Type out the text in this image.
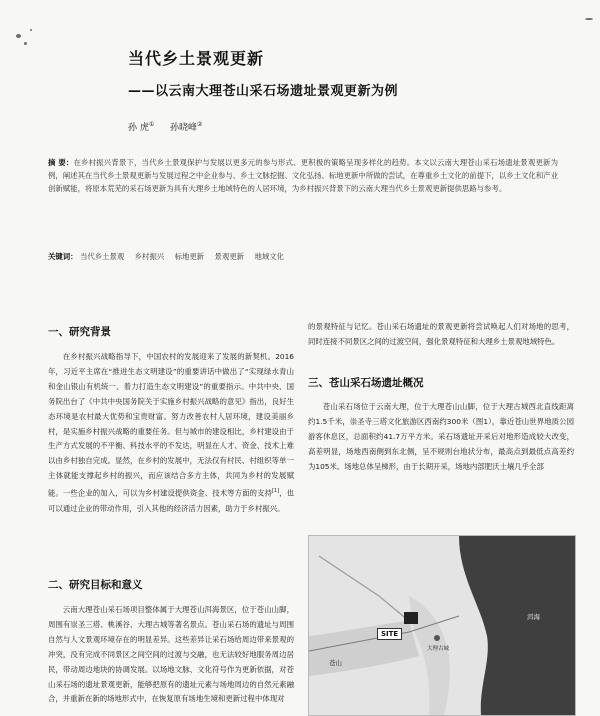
当代乡土景观更新
——以云南大理苍山采石场遗址景观更新为例
孙 虎① 孙晓峰②
摘 要：在乡村振兴背景下，当代乡土景观保护与发展以更多元的参与形式、更积极的策略呈现多样化的趋势。本文以云南大理苍山采石场遗址景观更新为例，阐述其在当代乡土景观更新与发展过程之中企业参与、乡土文脉挖掘、文化弘扬、标地更新中所做的尝试，在尊重乡土文化的前提下，以乡土文化和产业创新赋能，将原本荒芜的采石场更新为具有大理乡土地域特色的人居环境，为乡村振兴背景下的云南大理当代乡土景观更新提供思路与参考。
关键词： 当代乡土景观 乡村振兴 标地更新 景观更新 地域文化
一、研究背景

在乡村振兴战略指导下，中国农村的发展迎来了发展的新契机。2016年，习近平主席在“推进生态文明建设”的重要讲话中做出了“实现绿水青山和金山银山有机统一、着力打造生态文明建设”的重要指示。中共中央、国务院出台了《中共中央国务院关于实施乡村振兴战略的意见》指出，良好生态环境是农村最大优势和宝贵财富。努力改善农村人居环境，建设美丽乡村，是实施乡村振兴战略的重要任务。但与城市的建设相比，乡村建设由于生产方式发展的不平衡、科技水平的不发达，明显在人才、资金、技术上难以由乡村独自完成。显然，在乡村的发展中，无法仅有村民、村组织等单一主体就能支撑起乡村的振兴，而应该结合多方主体，共同为乡村的发展赋能。一些企业的加入，可以为乡村建设提供资金、技术等方面的支持[1]，也可以通过企业的带动作用，引入其他的经济活力因素，助力于乡村振兴。

二、研究目标和意义

云南大理苍山采石场项目整体属于大理苍山洱海景区，位于苍山山脚，周围有崇圣三塔、桃溪谷、大理古城等著名景点。苍山采石场的遗址与周围自然与人文景观环境存在的明显差异。这些差异让采石场给周边带来景观的冲突，没有完成不同景区之间空间的过渡与交融，也无法较好地服务周边居民，带动周边地块的协调发展。以场地文脉、文化符号作为更新依据，对苍山采石场的遗址景观更新，能够把原有的遗址元素与场地周边的自然元素融合，并重新在新的场地形式中，在恢复原有场地生境和更新过程中体现对

的景观特征与记忆。苍山采石场遗址的景观更新将尝试唤起人们对场地的思考，同时连接不同景区之间的过渡空间，强化景观特征和大理乡土景观地域特色。

三、苍山采石场遗址概况

苍山采石场位于云南大理，位于大理苍山山脚，位于大理古城西北直线距离约1.5千米，崇圣寺三塔文化旅游区西南约300米（图1），靠近苍山世界地质公园游客休息区，总面积约41.7万平方米。采石场遗址开采后对地形造成较大改变，高差明显，场地西南侧到东北侧，呈不规则台地状分布，最高点到最低点高差约为105米。场地总体呈梯形，由于长期开采，场地内部肥沃土壤几乎全部

SITE
苍山
洱海
大理古城
